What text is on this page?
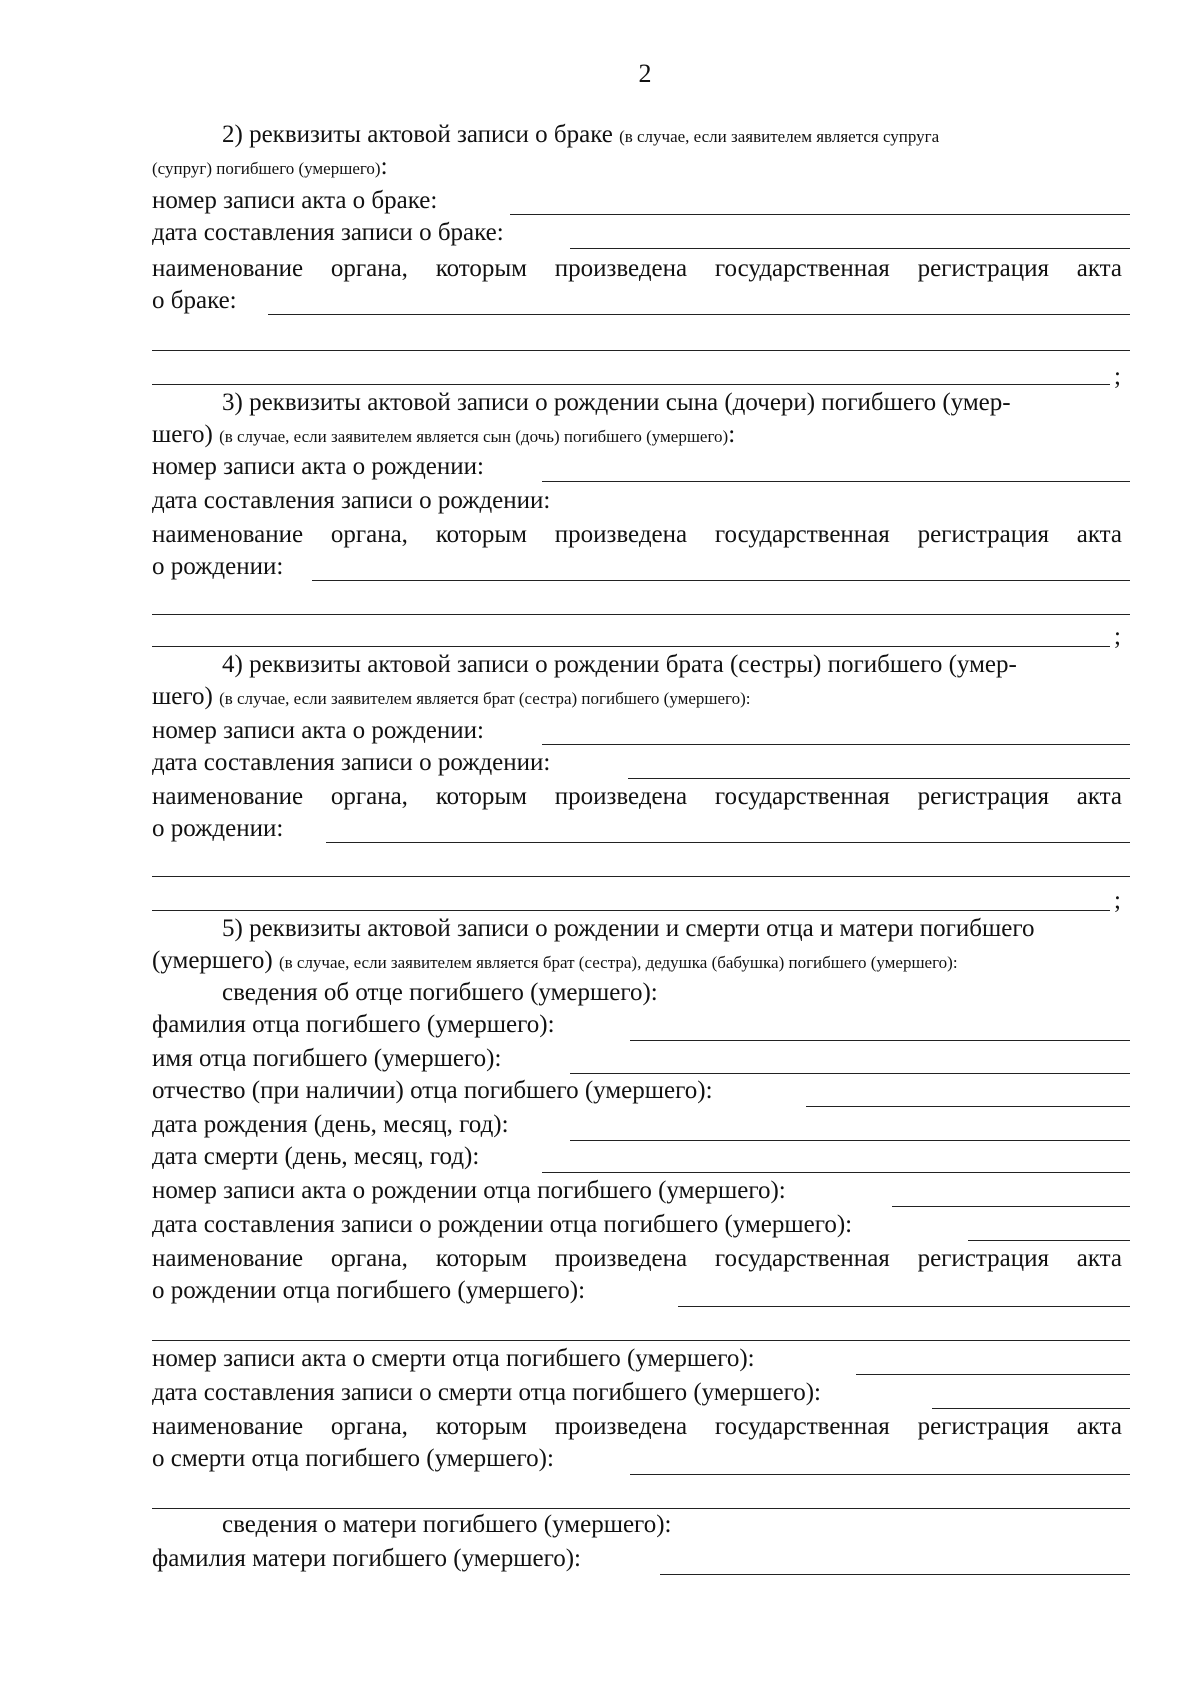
2
2) реквизиты актовой записи о браке (в случае, если заявителем является супруга
(супруг) погибшего (умершего):
номер записи акта о браке:
дата составления записи о браке:
наименование органа, которым произведена государственная регистрация акта
о браке:
;
3) реквизиты актовой записи о рождении сына (дочери) погибшего (умер-
шего) (в случае, если заявителем является сын (дочь) погибшего (умершего):
номер записи акта о рождении:
дата составления записи о рождении:
наименование органа, которым произведена государственная регистрация акта
о рождении:
;
4) реквизиты актовой записи о рождении брата (сестры) погибшего (умер-
шего) (в случае, если заявителем является брат (сестра) погибшего (умершего):
номер записи акта о рождении:
дата составления записи о рождении:
наименование органа, которым произведена государственная регистрация акта
о рождении:
;
5) реквизиты актовой записи о рождении и смерти отца и матери погибшего
(умершего) (в случае, если заявителем является брат (сестра), дедушка (бабушка) погибшего (умершего):
сведения об отце погибшего (умершего):
фамилия отца погибшего (умершего):
имя отца погибшего (умершего):
отчество (при наличии) отца погибшего (умершего):
дата рождения (день, месяц, год):
дата смерти (день, месяц, год):
номер записи акта о рождении отца погибшего (умершего):
дата составления записи о рождении отца погибшего (умершего):
наименование органа, которым произведена государственная регистрация акта
о рождении отца погибшего (умершего):
номер записи акта о смерти отца погибшего (умершего):
дата составления записи о смерти отца погибшего (умершего):
наименование органа, которым произведена государственная регистрация акта
о смерти отца погибшего (умершего):
сведения о матери погибшего (умершего):
фамилия матери погибшего (умершего):
